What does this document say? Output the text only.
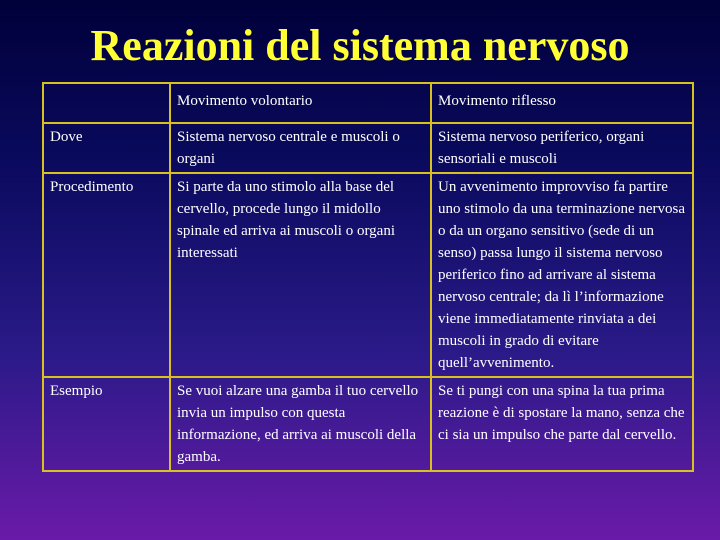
Reazioni del sistema nervoso
	Movimento volontario	Movimento riflesso
Dove	Sistema nervoso centrale e muscoli o organi	Sistema nervoso periferico, organi sensoriali e muscoli
Procedimento	Si parte da uno stimolo alla base del cervello, procede lungo il midollo spinale ed arriva ai muscoli o organi interessati	Un avvenimento improvviso fa partire uno stimolo da una terminazione nervosa o da un organo sensitivo (sede di un senso) passa lungo il sistema nervoso periferico fino ad arrivare al sistema nervoso centrale; da lì l’informazione viene immediatamente rinviata a dei muscoli in grado di evitare quell’avvenimento.
Esempio	Se vuoi alzare una gamba il tuo cervello invia un impulso con questa informazione, ed arriva ai muscoli della gamba.	Se ti pungi con una spina la tua prima reazione è di spostare la mano, senza che ci sia un impulso che parte dal cervello.
